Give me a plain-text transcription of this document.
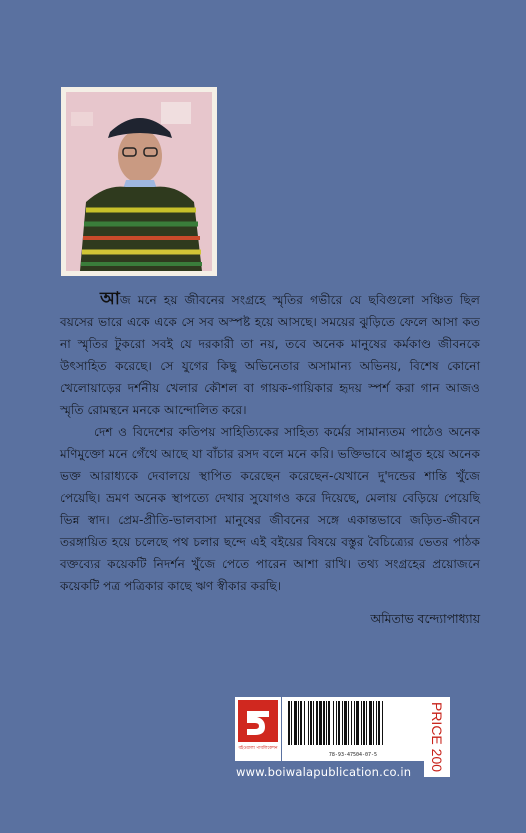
আজ মনে হয় জীবনের সংগ্রহে স্মৃতির গভীরে যে ছবিগুলো সঞ্চিত ছিল বয়সের ভারে একে একে সে সব অস্পষ্ট হয়ে আসছে। সময়ের ঝুড়িতে ফেলে আসা কত না স্মৃতির টুকরো সবই যে দরকারী তা নয়, তবে অনেক মানুষের কর্মকাণ্ড জীবনকে উৎসাহিত করেছে। সে যুগের কিছু অভিনেতার অসামান্য অভিনয়, বিশেষ কোনো খেলোয়াড়ের দর্শনীয় খেলার কৌশল বা গায়ক-গায়িকার হৃদয় স্পর্শ করা গান আজও স্মৃতি রোমন্থনে মনকে আন্দোলিত করে।

দেশ ও বিদেশের কতিপয় সাহিত্যিকের সাহিত্য কর্মের সামান্যতম পাঠেও অনেক মণিমুক্তো মনে গেঁথে আছে যা বাঁচার রসদ বলে মনে করি। ভক্তিভাবে আপ্লুত হয়ে অনেক ভক্ত আরাধ্যকে দেবালয়ে স্থাপিত করেছেন করেছেন-যেখানে দু'দন্ডের শান্তি খুঁজে পেয়েছি। ভ্রমণ অনেক স্থাপত্যে দেখার সুযোগও করে দিয়েছে, মেলায় বেড়িয়ে পেয়েছি ভিন্ন স্বাদ। প্রেম-প্রীতি-ভালবাসা মানুষের জীবনের সঙ্গে একান্তভাবে জড়িত-জীবনে তরঙ্গায়িত হয়ে চলেছে পথ চলার ছন্দে এই বইয়ের বিষয়ে বস্তুর বৈচিত্র্যের ভেতর পাঠক বক্তব্যের কয়েকটি নিদর্শন খুঁজে পেতে পারেন আশা রাখি। তথ্য সংগ্রহের প্রয়োজনে কয়েকটি পত্র পত্রিকার কাছে ঋণ স্বীকার করছি।

অমিতাভ বন্দ্যোপাধ্যায়
বইওয়ালা পাবলিকেশন
78-93-47504-07-5	PRICE 200
www.boiwalapublication.co.in
